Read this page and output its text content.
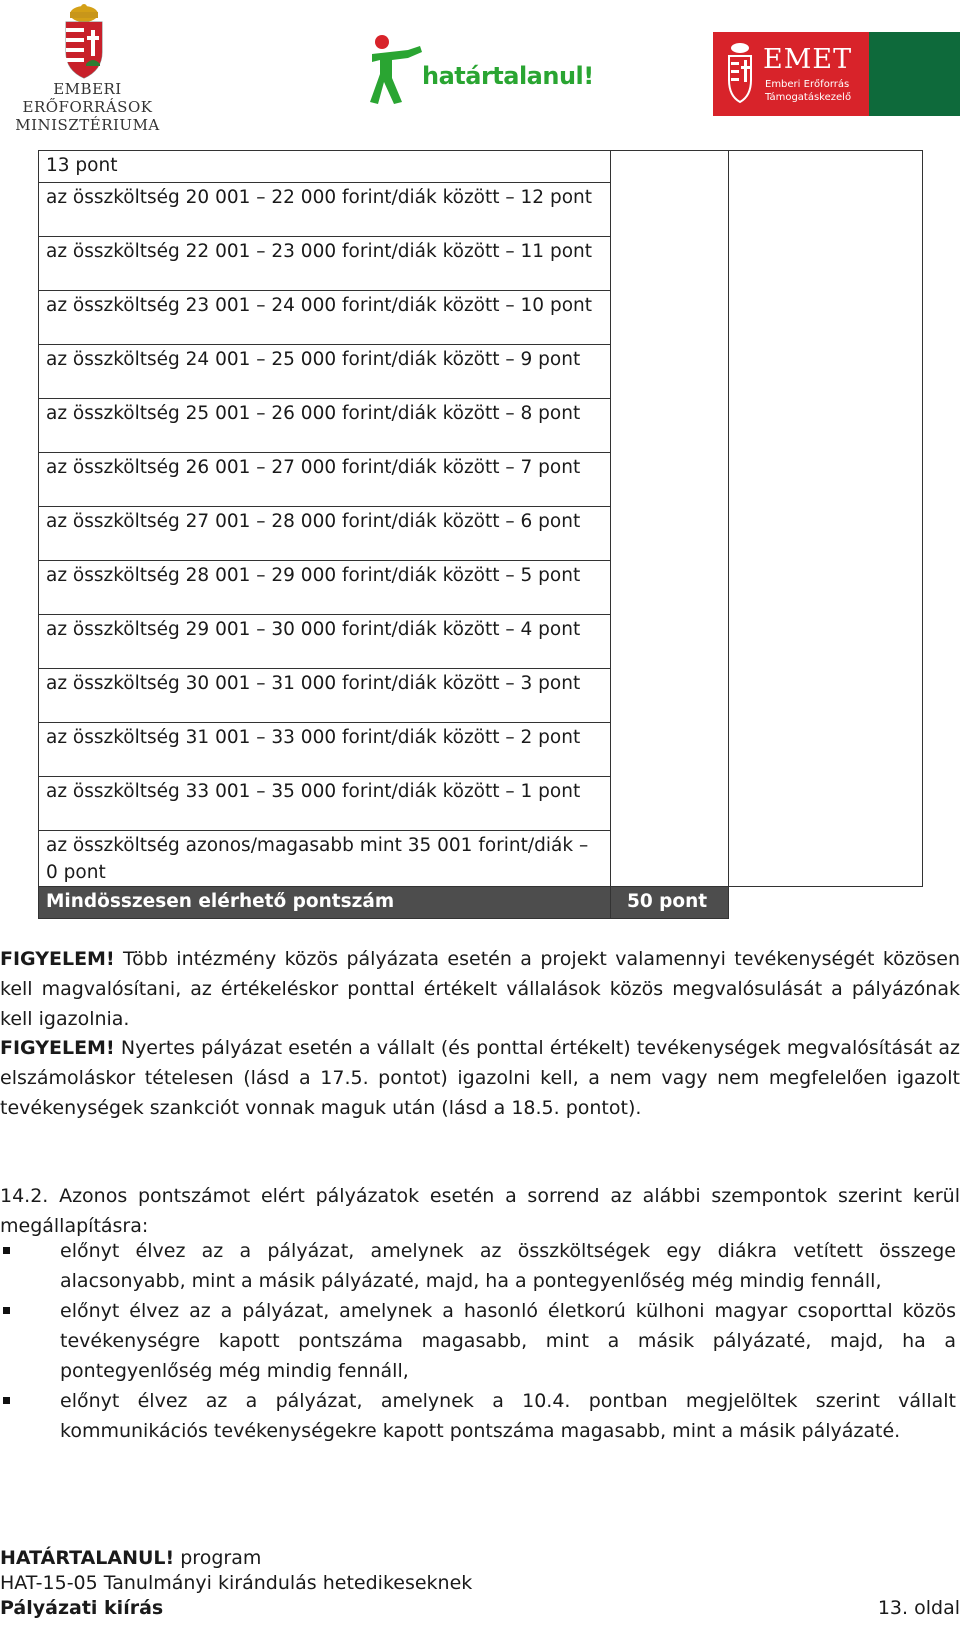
EMBERI ERŐFORRÁSOK
MINISZTÉRIUMA
határtalanul!
EMET
Emberi Erőforrás
Támogatáskezelő
13 pont		

az összköltség 20 001 – 22 000 forint/diák között – 12 pont		

az összköltség 22 001 – 23 000 forint/diák között – 11 pont		

az összköltség 23 001 – 24 000 forint/diák között – 10 pont		

az összköltség 24 001 – 25 000 forint/diák között – 9 pont		

az összköltség 25 001 – 26 000 forint/diák között – 8 pont		

az összköltség 26 001 – 27 000 forint/diák között – 7 pont		

az összköltség 27 001 – 28 000 forint/diák között – 6 pont		

az összköltség 28 001 – 29 000 forint/diák között – 5 pont		

az összköltség 29 001 – 30 000 forint/diák között – 4 pont		

az összköltség 30 001 – 31 000 forint/diák között – 3 pont		

az összköltség 31 001 – 33 000 forint/diák között – 2 pont		

az összköltség 33 001 – 35 000 forint/diák között – 1 pont		

az összköltség azonos/magasabb mint 35 001 forint/diák – 0 pont		

Mindösszesen elérhető pontszám	50 pont	

FIGYELEM! Több intézmény közös pályázata esetén a projekt valamennyi tevékenységét közösen kell magvalósítani, az értékeléskor ponttal értékelt vállalások közös megvalósulását a pályázónak kell igazolnia.
FIGYELEM! Nyertes pályázat esetén a vállalt (és ponttal értékelt) tevékenységek megvalósítását az elszámoláskor tételesen (lásd a 17.5. pontot) igazolni kell, a nem vagy nem megfelelően igazolt tevékenységek szankciót vonnak maguk után (lásd a 18.5. pontot).
14.2. Azonos pontszámot elért pályázatok esetén a sorrend az alábbi szempontok szerint kerül megállapításra:
előnyt élvez az a pályázat, amelynek az összköltségek egy diákra vetített összege alacsonyabb, mint a másik pályázaté, majd, ha a pontegyenlőség még mindig fennáll,
előnyt élvez az a pályázat, amelynek a hasonló életkorú külhoni magyar csoporttal közös tevékenységre kapott pontszáma magasabb, mint a másik pályázaté, majd, ha a pontegyenlőség még mindig fennáll,
előnyt élvez az a pályázat, amelynek a 10.4. pontban megjelöltek szerint vállalt kommunikációs tevékenységekre kapott pontszáma magasabb, mint a másik pályázaté.
HATÁRTALANUL! program
HAT-15-05 Tanulmányi kirándulás hetedikeseknek
Pályázati kiírás	13. oldal
